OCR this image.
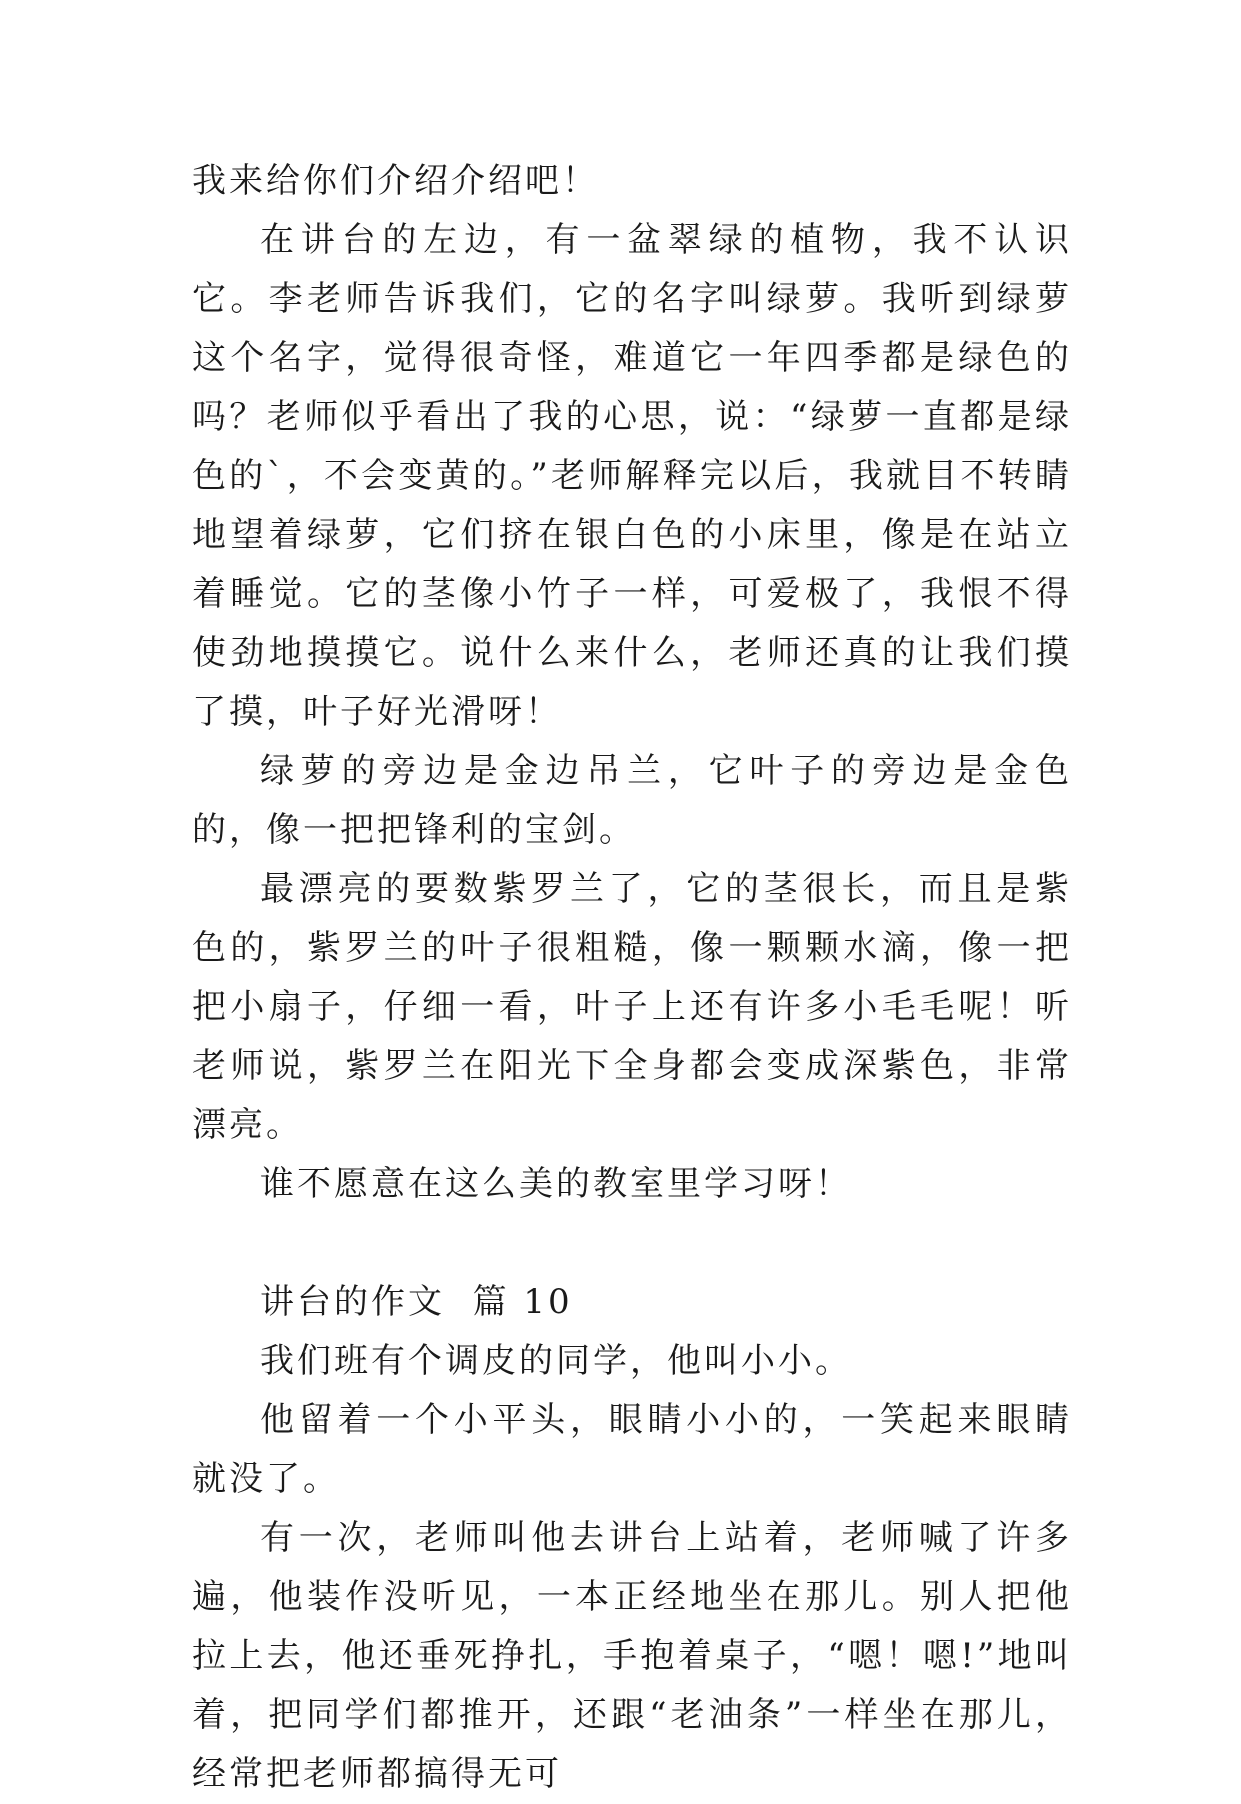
我来给你们介绍介绍吧！

在讲台的左边，有一盆翠绿的植物，我不认识它。李老师告诉我们，它的名字叫绿萝。我听到绿萝这个名字，觉得很奇怪，难道它一年四季都是绿色的吗？老师似乎看出了我的心思，说：“绿萝一直都是绿色的`，不会变黄的。”老师解释完以后，我就目不转睛地望着绿萝，它们挤在银白色的小床里，像是在站立着睡觉。它的茎像小竹子一样，可爱极了，我恨不得使劲地摸摸它。说什么来什么，老师还真的让我们摸了摸，叶子好光滑呀！

绿萝的旁边是金边吊兰，它叶子的旁边是金色的，像一把把锋利的宝剑。

最漂亮的要数紫罗兰了，它的茎很长，而且是紫色的，紫罗兰的叶子很粗糙，像一颗颗水滴，像一把把小扇子，仔细一看，叶子上还有许多小毛毛呢！听老师说，紫罗兰在阳光下全身都会变成深紫色，非常漂亮。

谁不愿意在这么美的教室里学习呀！

讲台的作文  篇 10

我们班有个调皮的同学，他叫小小。

他留着一个小平头，眼睛小小的，一笑起来眼睛就没了。

有一次，老师叫他去讲台上站着，老师喊了许多遍，他装作没听见，一本正经地坐在那儿。别人把他拉上去，他还垂死挣扎，手抱着桌子，“嗯！嗯!”地叫着，把同学们都推开，还跟“老油条”一样坐在那儿，经常把老师都搞得无可
